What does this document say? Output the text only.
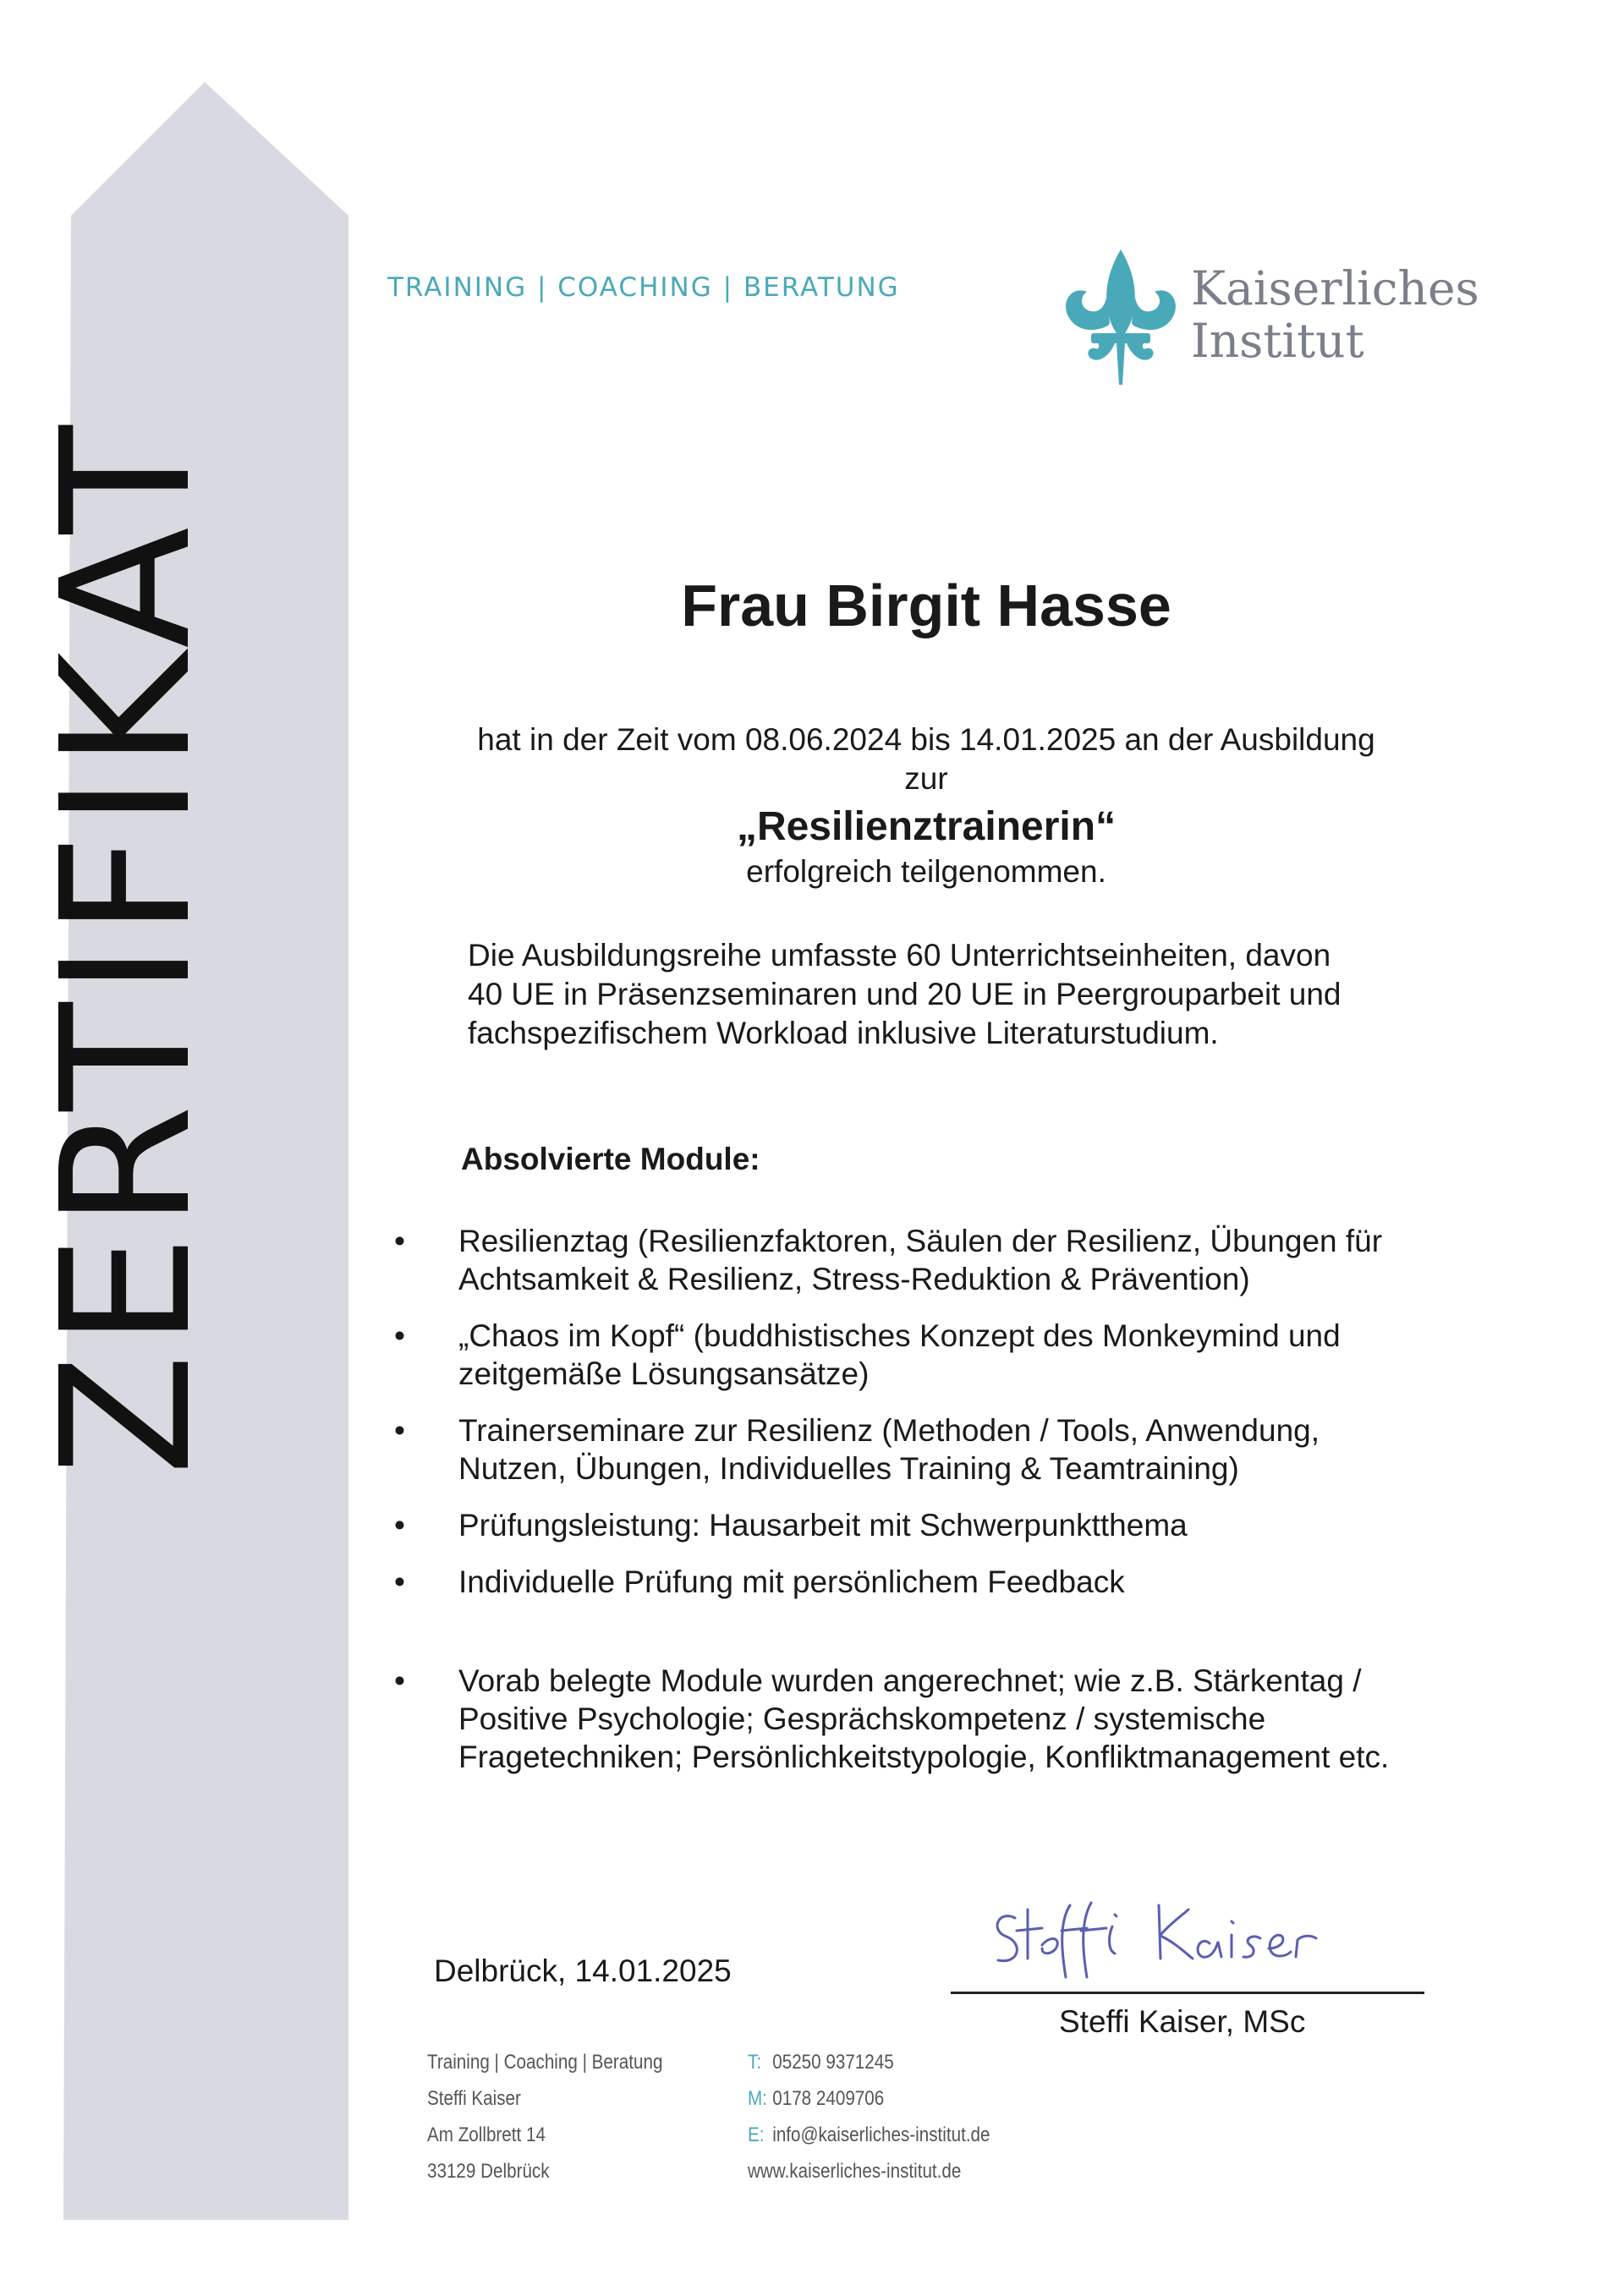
ZERTIFIKAT
TRAINING | COACHING | BERATUNG	Kaiserliches
Institut
Frau Birgit Hasse
hat in der Zeit vom 08.06.2024 bis 14.01.2025 an der Ausbildung
zur
„Resilienztrainerin“
erfolgreich teilgenommen.
Die Ausbildungsreihe umfasste 60 Unterrichtseinheiten, davon
40 UE in Präsenzseminaren und 20 UE in Peergrouparbeit und
fachspezifischem Workload inklusive Literaturstudium.
Absolvierte Module:
• Resilienztag (Resilienzfaktoren, Säulen der Resilienz, Übungen für
Achtsamkeit & Resilienz, Stress-Reduktion & Prävention)
• „Chaos im Kopf“ (buddhistisches Konzept des Monkeymind und
zeitgemäße Lösungsansätze)
• Trainerseminare zur Resilienz (Methoden / Tools, Anwendung,
Nutzen, Übungen, Individuelles Training & Teamtraining)
• Prüfungsleistung: Hausarbeit mit Schwerpunktthema
• Individuelle Prüfung mit persönlichem Feedback
• Vorab belegte Module wurden angerechnet; wie z.B. Stärkentag /
Positive Psychologie; Gesprächskompetenz / systemische
Fragetechniken; Persönlichkeitstypologie, Konfliktmanagement etc.
Delbrück, 14.01.2025
Steffi Kaiser, MSc
Training | Coaching | Beratung
Steffi Kaiser
Am Zollbrett 14
33129 Delbrück
T: 05250 9371245
M: 0178 2409706
E: info@kaiserliches-institut.de
www.kaiserliches-institut.de
